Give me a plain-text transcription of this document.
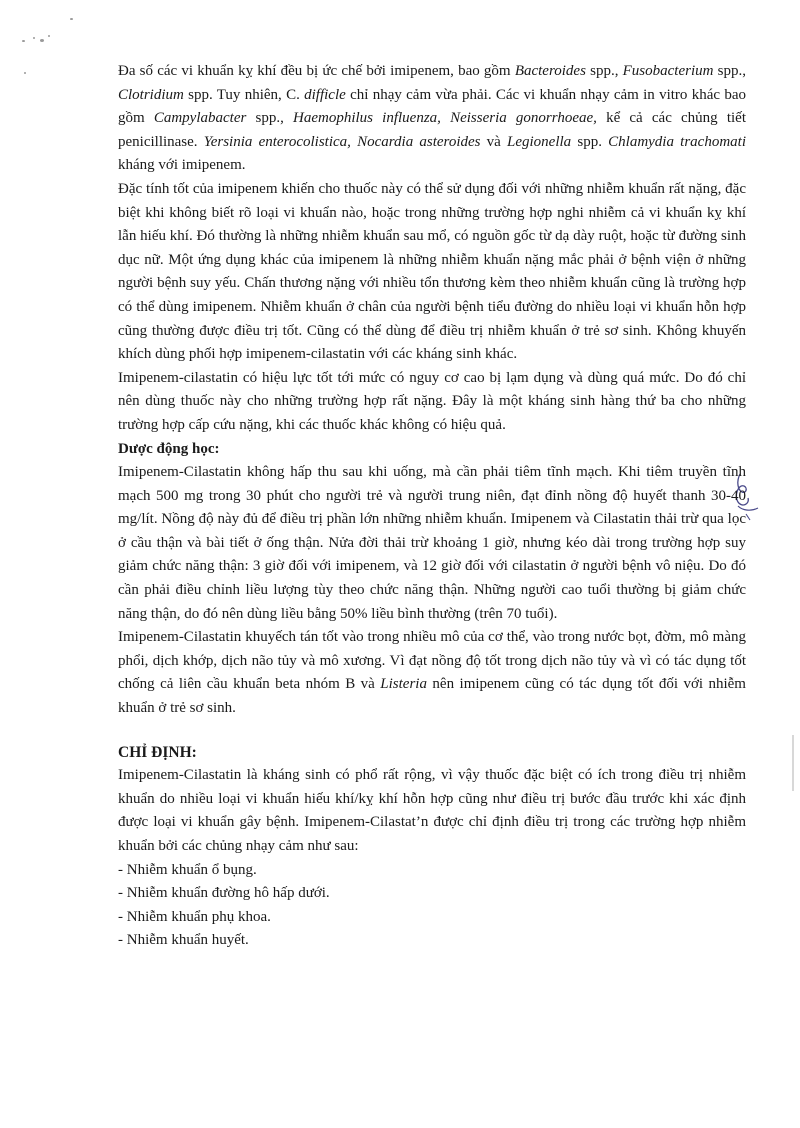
Đa số các vi khuẩn kỵ khí đều bị ức chế bởi imipenem, bao gồm Bacteroides spp., Fusobacterium spp., Clotridium spp. Tuy nhiên, C. difficle chỉ nhạy cảm vừa phải. Các vi khuẩn nhạy cảm in vitro khác bao gồm Campylabacter spp., Haemophilus influenza, Neisseria gonorrhoeae, kể cả các chủng tiết penicillinase. Yersinia enterocolistica, Nocardia asteroides và Legionella spp. Chlamydia trachomati kháng với imipenem.

Đặc tính tốt của imipenem khiến cho thuốc này có thể sử dụng đối với những nhiễm khuẩn rất nặng, đặc biệt khi không biết rõ loại vi khuẩn nào, hoặc trong những trường hợp nghi nhiễm cả vi khuẩn kỵ khí lẫn hiếu khí. Đó thường là những nhiễm khuẩn sau mổ, có nguồn gốc từ dạ dày ruột, hoặc từ đường sinh dục nữ. Một ứng dụng khác của imipenem là những nhiễm khuẩn nặng mắc phải ở bệnh viện ở những người bệnh suy yếu. Chấn thương nặng với nhiều tổn thương kèm theo nhiễm khuẩn cũng là trường hợp có thể dùng imipenem. Nhiễm khuẩn ở chân của người bệnh tiểu đường do nhiều loại vi khuẩn hỗn hợp cũng thường được điều trị tốt. Cũng có thể dùng để điều trị nhiễm khuẩn ở trẻ sơ sinh. Không khuyến khích dùng phối hợp imipenem-cilastatin với các kháng sinh khác.

Imipenem-cilastatin có hiệu lực tốt tới mức có nguy cơ cao bị lạm dụng và dùng quá mức. Do đó chỉ nên dùng thuốc này cho những trường hợp rất nặng. Đây là một kháng sinh hàng thứ ba cho những trường hợp cấp cứu nặng, khi các thuốc khác không có hiệu quả.

Dược động học:

Imipenem-Cilastatin không hấp thu sau khi uống, mà cần phải tiêm tĩnh mạch. Khi tiêm truyền tĩnh mạch 500 mg trong 30 phút cho người trẻ và người trung niên, đạt đỉnh nồng độ huyết thanh 30-40 mg/lít. Nồng độ này đủ để điều trị phần lớn những nhiễm khuẩn. Imipenem và Cilastatin thải trừ qua lọc ở cầu thận và bài tiết ở ống thận. Nửa đời thải trừ khoảng 1 giờ, nhưng kéo dài trong trường hợp suy giảm chức năng thận: 3 giờ đối với imipenem, và 12 giờ đối với cilastatin ở người bệnh vô niệu. Do đó cần phải điều chỉnh liều lượng tùy theo chức năng thận. Những người cao tuổi thường bị giảm chức năng thận, do đó nên dùng liều bằng 50% liều bình thường (trên 70 tuổi).

Imipenem-Cilastatin khuyếch tán tốt vào trong nhiều mô của cơ thể, vào trong nước bọt, đờm, mô màng phổi, dịch khớp, dịch não tủy và mô xương. Vì đạt nồng độ tốt trong dịch não tủy và vì có tác dụng tốt chống cả liên cầu khuẩn beta nhóm B và Listeria nên imipenem cũng có tác dụng tốt đối với nhiễm khuẩn ở trẻ sơ sinh.

CHỈ ĐỊNH:

Imipenem-Cilastatin là kháng sinh có phổ rất rộng, vì vậy thuốc đặc biệt có ích trong điều trị nhiễm khuẩn do nhiều loại vi khuẩn hiếu khí/kỵ khí hỗn hợp cũng như điều trị bước đầu trước khi xác định được loại vi khuẩn gây bệnh. Imipenem-Cilastat’n được chỉ định điều trị trong các trường hợp nhiễm khuẩn bởi các chủng nhạy cảm như sau:

- Nhiễm khuẩn ổ bụng.
- Nhiễm khuẩn đường hô hấp dưới.
- Nhiễm khuẩn phụ khoa.
- Nhiễm khuẩn huyết.
